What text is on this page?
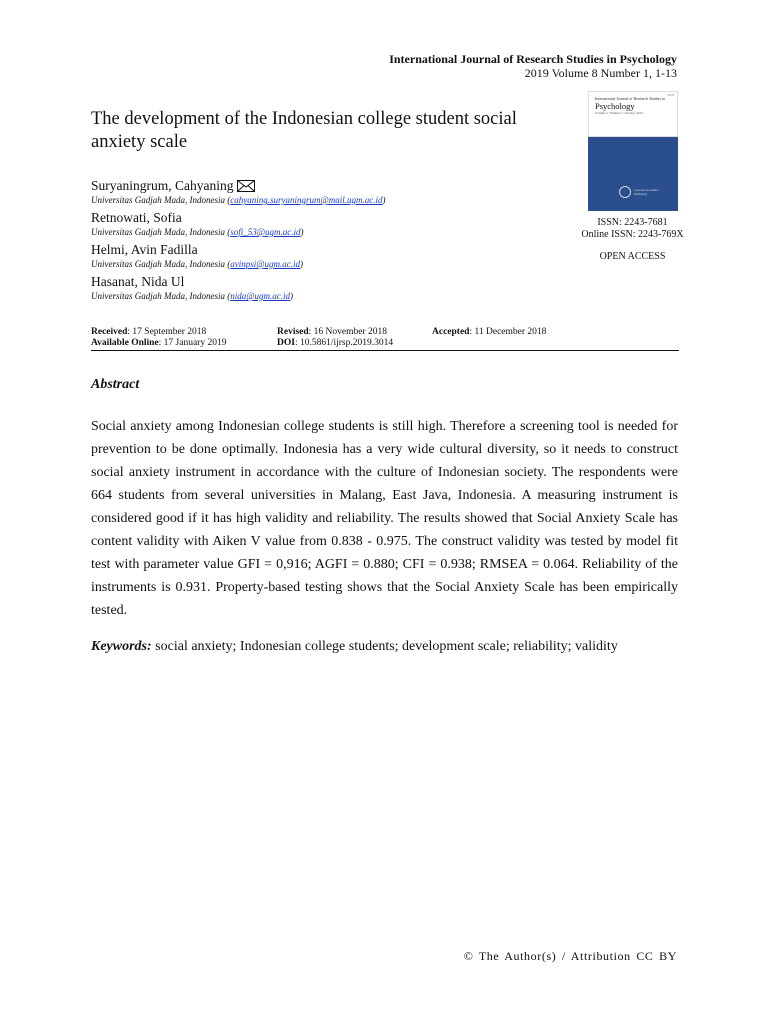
International Journal of Research Studies in Psychology
2019 Volume 8 Number 1, 1-13
The development of the Indonesian college student social anxiety scale
ISSN
International Journal of Research Studies in
Psychology
Volume 1 Number 1 January 2012
Consortia Academia Publishing
ISSN: 2243-7681
Online ISSN: 2243-769X
OPEN ACCESS
Suryaningrum, Cahyaning
Universitas Gadjah Mada, Indonesia (cahyaning.suryaningrum@mail.ugm.ac.id)
Retnowati, Sofia
Universitas Gadjah Mada, Indonesia (sofi_53@ugm.ac.id)
Helmi, Avin Fadilla
Universitas Gadjah Mada, Indonesia (avinpsi@ugm.ac.id)
Hasanat, Nida Ul
Universitas Gadjah Mada, Indonesia (nida@ugm.ac.id)
Received: 17 September 2018	Revised: 16 November 2018	Accepted: 11 December 2018
Available Online: 17 January 2019	DOI: 10.5861/ijrsp.2019.3014
Abstract

Social anxiety among Indonesian college students is still high. Therefore a screening tool is needed for prevention to be done optimally. Indonesia has a very wide cultural diversity, so it needs to construct social anxiety instrument in accordance with the culture of Indonesian society. The respondents were 664 students from several universities in Malang, East Java, Indonesia. A measuring instrument is considered good if it has high validity and reliability. The results showed that Social Anxiety Scale has content validity with Aiken V value from 0.838 - 0.975. The construct validity was tested by model fit test with parameter value GFI = 0,916; AGFI = 0.880; CFI = 0.938; RMSEA = 0.064. Reliability of the instruments is 0.931. Property-based testing shows that the Social Anxiety Scale has been empirically tested.

Keywords: social anxiety; Indonesian college students; development scale; reliability; validity
© The Author(s) / Attribution CC BY
